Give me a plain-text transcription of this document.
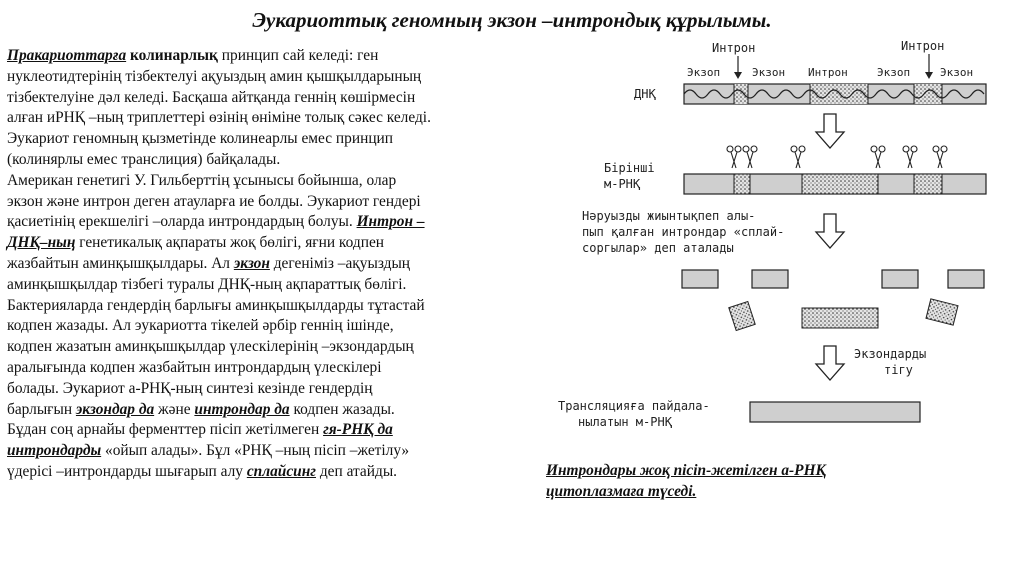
Эукариоттық геномның экзон –интрондық құрылымы.
Пракариоттарға колинарлық принцип сай келеді: ген
нуклеотидтерінің тізбектелуі ақуыздың амин қышқылдарының
тізбектелуіне дәл келеді. Басқаша айтқанда геннің көшірмесін
алған иРНҚ –ның триплеттері өзінің өніміне толық сәкес келеді.
Эукариот геномның қызметінде колинеарлы емес принцип
(колинярлы емес транслиция) байқалады.
Американ генетигі У. Гильберттің ұсынысы бойынша, олар
экзон және интрон деген атауларға ие болды. Эукариот гендері
қасиетінің ерекшелігі –оларда интрондардың болуы. Интрон –
ДНҚ–ның генетикалық ақпараты жоқ бөлігі, яғни кодпен
жазбайтын аминқышқылдары. Ал экзон дегеніміз –ақуыздың
аминқышқылдар тізбегі туралы ДНҚ-ның ақпараттық бөлігі.
Бактерияларда гендердің барлығы аминқышқылдарды тұтастай
кодпен жазады. Ал эукариотта тікелей әрбір геннің ішінде,
кодпен жазатын аминқышқылдар үлескілерінің –экзондардың
аралығында кодпен жазбайтын интрондардың үлескілері
болады. Эукариот а-РНҚ-ның синтезі кезінде гендердің
барлығын экзондар да және интрондар да кодпен жазады.
Бұдан соң арнайы ферменттер пісіп жетілмеген гя-РНҚ да
интрондарды «ойып алады». Бұл «РНҚ –ның пісіп –жетілу»
үдерісі –интрондарды шығарып алу сплайсинг деп атайды.
Интрон	Интрон
Экзоп	Экзон Интрон	Экзоп	Экзон
ДНҚ
Бірінші
м-РНҚ
Нәруызды жиынтықпеп алы-
пып қалған интрондар «сплай-
соргылар» деп аталады
Экзондарды
тігу
Трансляцияға пайдала-
нылатын м-РНҚ
Интрондары жоқ пісіп-жетілген а-РНҚ
цитоплазмаға түседі.
